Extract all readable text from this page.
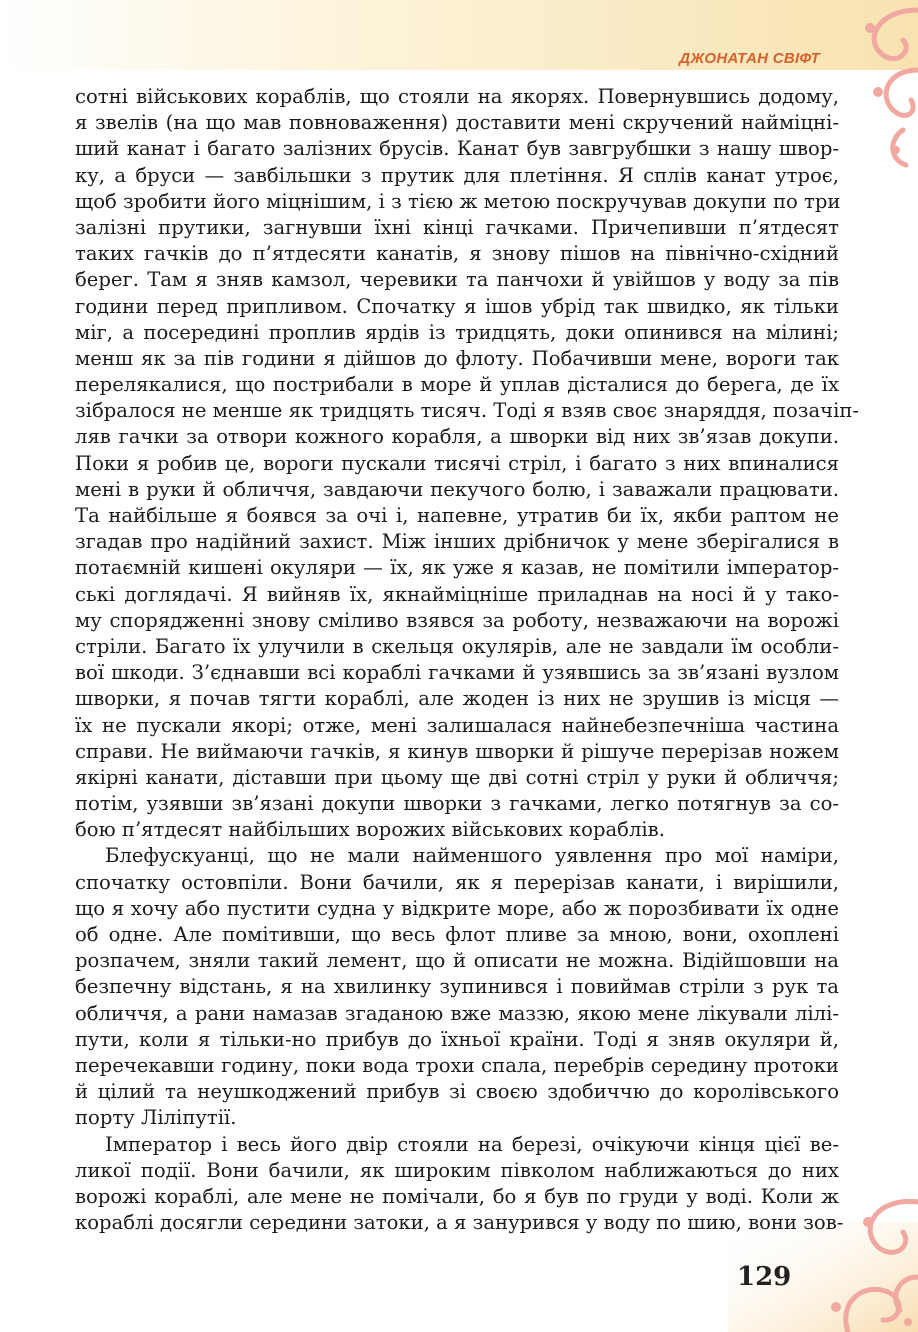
ДЖОНАТАН СВІФТ
сотні військових кораблів, що стояли на якорях. Повернувшись додому,
я звелів (на що мав повноваження) доставити мені скручений найміцні-
ший канат і багато залізних брусів. Канат був завгрубшки з нашу швор-
ку, а бруси — завбільшки з прутик для плетіння. Я сплів канат утроє,
щоб зробити його міцнішим, і з тією ж метою поскручував докупи по три
залізні прутики, загнувши їхні кінці гачками. Причепивши п’ятдесят
таких гачків до п’ятдесяти канатів, я знову пішов на північно-східний
берег. Там я зняв камзол, черевики та панчохи й увійшов у воду за пів
години перед припливом. Спочатку я ішов убрід так швидко, як тільки
міг, а посередині проплив ярдів із тридцять, доки опинився на мілині;
менш як за пів години я дійшов до флоту. Побачивши мене, вороги так
перелякалися, що пострибали в море й уплав дісталися до берега, де їх
зібралося не менше як тридцять тисяч. Тоді я взяв своє знаряддя, позачіп-
ляв гачки за отвори кожного корабля, а шворки від них зв’язав докупи.
Поки я робив це, вороги пускали тисячі стріл, і багато з них впиналися
мені в руки й обличчя, завдаючи пекучого болю, і заважали працювати.
Та найбільше я боявся за очі і, напевне, утратив би їх, якби раптом не
згадав про надійний захист. Між інших дрібничок у мене зберігалися в
потаємній кишені окуляри — їх, як уже я казав, не помітили імператор-
ські доглядачі. Я вийняв їх, якнаймiцніше приладнав на носі й у тако-
му спорядженні знову сміливо взявся за роботу, незважаючи на ворожі
стріли. Багато їх улучили в скельця окулярів, але не завдали їм особли-
вої шкоди. З’єднавши всі кораблі гачками й узявшись за зв’язані вузлом
шворки, я почав тягти кораблі, але жоден із них не зрушив із місця —
їх не пускали якорі; отже, мені залишалася найнебезпечніша частина
справи. Не виймаючи гачків, я кинув шворки й рішуче перерізав ножем
якірні канати, діставши при цьому ще дві сотні стріл у руки й обличчя;
потім, узявши зв’язані докупи шворки з гачками, легко потягнув за со-
бою п’ятдесят найбільших ворожих військових кораблів.
Блефускуанці, що не мали найменшого уявлення про мої наміри,
спочатку остовпіли. Вони бачили, як я перерізав канати, і вирішили,
що я хочу або пустити судна у відкрите море, або ж порозбивати їх одне
об одне. Але помітивши, що весь флот пливе за мною, вони, охоплені
розпачем, зняли такий лемент, що й описати не можна. Відійшовши на
безпечну відстань, я на хвилинку зупинився і повиймав стріли з рук та
обличчя, а рани намазав згаданою вже маззю, якою мене лікували лілі-
пути, коли я тільки-но прибув до їхньої країни. Тоді я зняв окуляри й,
перечекавши годину, поки вода трохи спала, перебрів середину протоки
й цілий та неушкоджений прибув зі своєю здобиччю до королівського
порту Ліліпутії.
Імператор і весь його двір стояли на березі, очікуючи кінця цієї ве-
ликої події. Вони бачили, як широким півколом наближаються до них
ворожі кораблі, але мене не помічали, бо я був по груди у воді. Коли ж
кораблі досягли середини затоки, а я занурився у воду по шию, вони зов-
129
